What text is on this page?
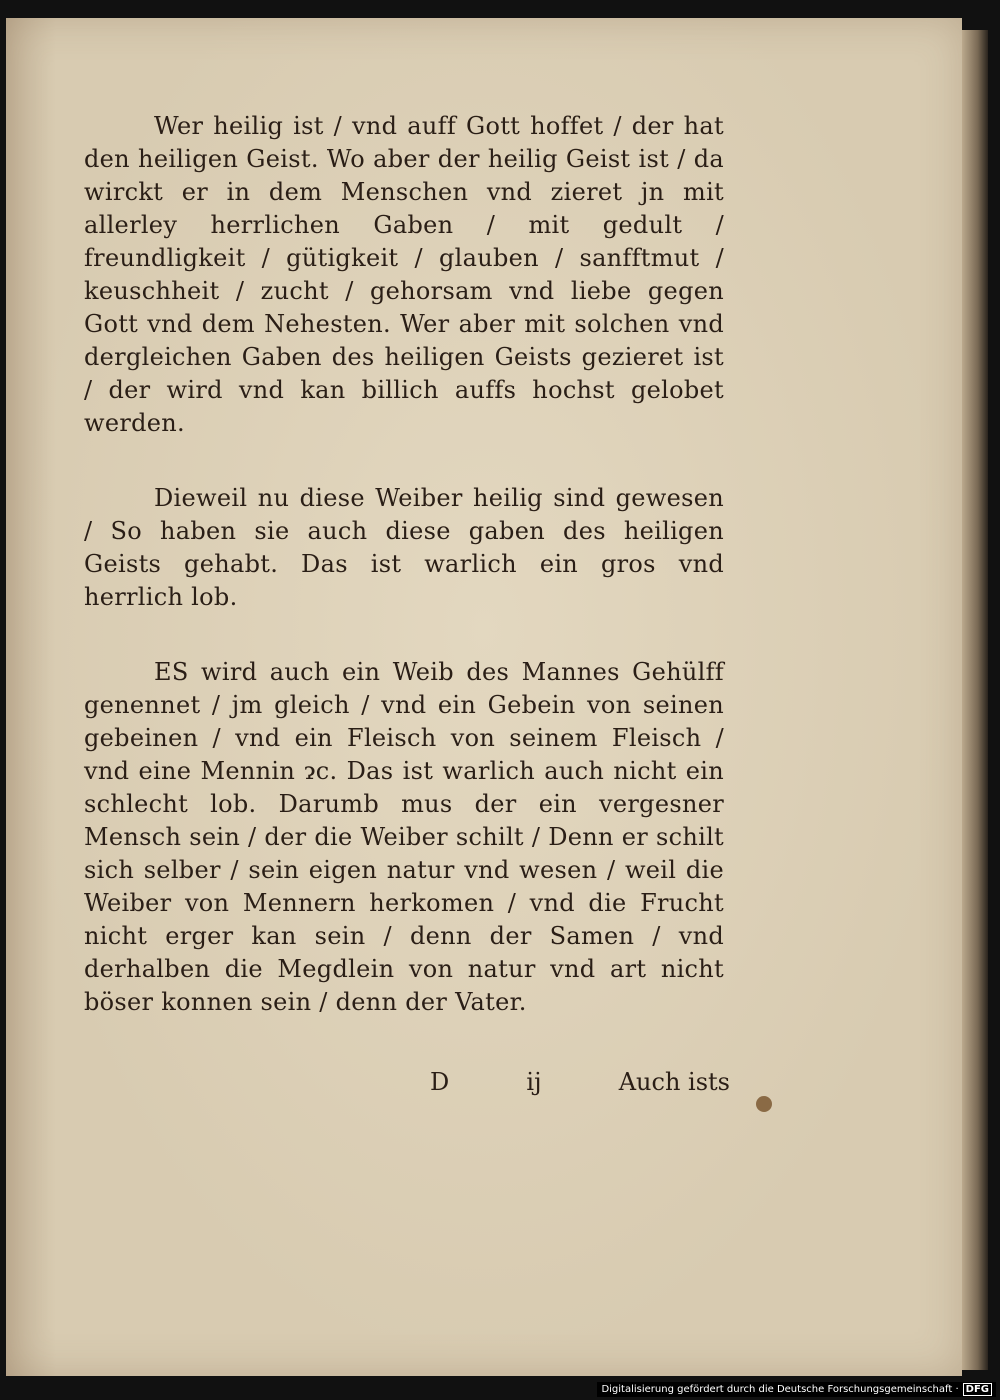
Wer heilig ist / vnd auff Gott hoffet / der hat den heiligen Geist. Wo aber der heilig Geist ist / da wirckt er in dem Menschen vnd zieret jn mit allerley herrlichen Gaben / mit gedult / freundligkeit / gütigkeit / glauben / sanfftmut / keuschheit / zucht / gehorsam vnd liebe gegen Gott vnd dem Nehesten. Wer aber mit solchen vnd dergleichen Gaben des heiligen Geists gezieret ist / der wird vnd kan billich auffs hochst gelobet werden.

Dieweil nu diese Weiber heilig sind gewesen / So haben sie auch diese gaben des heiligen Geists gehabt. Das ist warlich ein gros vnd herrlich lob.

ES wird auch ein Weib des Mannes Gehülff genennet / jm gleich / vnd ein Gebein von seinen gebeinen / vnd ein Fleisch von seinem Fleisch / vnd eine Mennin ɂc. Das ist warlich auch nicht ein schlecht lob. Darumb mus der ein vergesner Mensch sein / der die Weiber schilt / Denn er schilt sich selber / sein eigen natur vnd wesen / weil die Weiber von Mennern herkomen / vnd die Frucht nicht erger kan sein / denn der Samen / vnd derhalben die Megdlein von natur vnd art nicht böser konnen sein / denn der Vater.

D	ij	Auch ists
Digitalisierung gefördert durch die Deutsche Forschungsgemeinschaft · DFG
